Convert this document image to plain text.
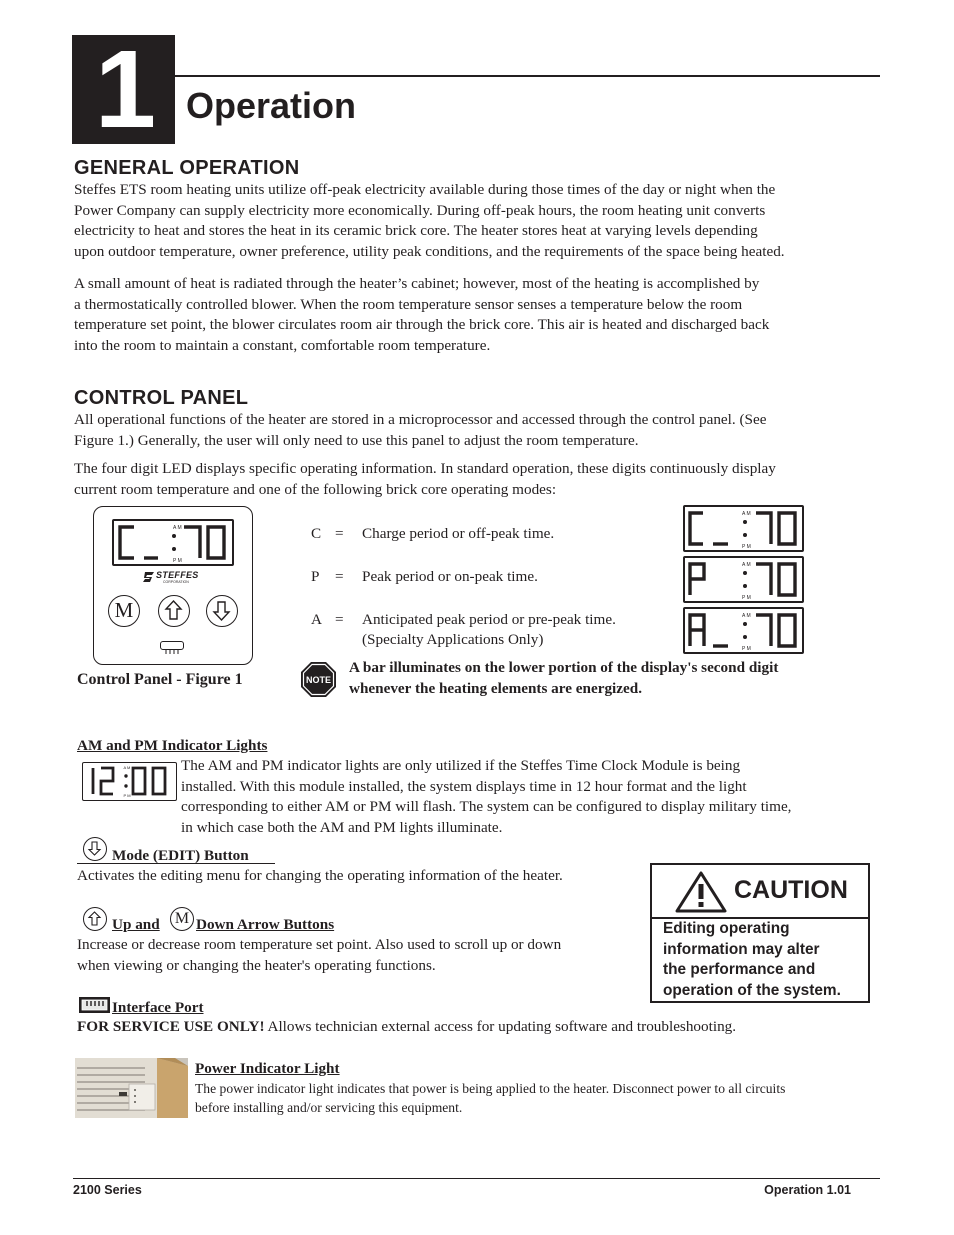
1 Operation
GENERAL OPERATION
Steffes ETS room heating units utilize off-peak electricity available during those times of the day or night when the
Power Company can supply electricity more economically. During off-peak hours, the room heating unit converts
electricity to heat and stores the heat in its ceramic brick core. The heater stores heat at varying levels depending
upon outdoor temperature, owner preference, utility peak conditions, and the requirements of the space being heated.
A small amount of heat is radiated through the heater’s cabinet; however, most of the heating is accomplished by
a thermostatically controlled blower. When the room temperature sensor senses a temperature below the room
temperature set point, the blower circulates room air through the brick core. This air is heated and discharged back
into the room to maintain a constant, comfortable room temperature.
CONTROL PANEL
All operational functions of the heater are stored in a microprocessor and accessed through the control panel. (See
Figure 1.) Generally, the user will only need to use this panel to adjust the room temperature.
The four digit LED displays specific operating information. In standard operation, these digits continuously display
current room temperature and one of the following brick core operating modes:
A M
P M
STEFFES
CORPORATION
M
Control Panel - Figure 1
C = Charge period or off-peak time.
P = Peak period or on-peak time.
A = Anticipated peak period or pre-peak time.
(Specialty Applications Only)
A M
P M
A M
P M
A M
P M
NOTE
A bar illuminates on the lower portion of the display's second digit
whenever the heating elements are energized.
AM and PM Indicator Lights
A M
P M
The AM and PM indicator lights are only utilized if the Steffes Time Clock Module is being
installed. With this module installed, the system displays time in 12 hour format and the light
corresponding to either AM or PM will flash. The system can be configured to display military time,
in which case both the AM and PM lights illuminate.
Mode (EDIT) Button
Activates the editing menu for changing the operating information of the heater.
Up and M Down Arrow Buttons
Increase or decrease room temperature set point. Also used to scroll up or down
when viewing or changing the heater's operating functions.
CAUTION
Editing operating
information may alter
the performance and
operation of the system.
Interface Port
FOR SERVICE USE ONLY! Allows technician external access for updating software and troubleshooting.
Power Indicator Light
The power indicator light indicates that power is being applied to the heater. Disconnect power to all circuits
before installing and/or servicing this equipment.
2100 Series	Operation 1.01
